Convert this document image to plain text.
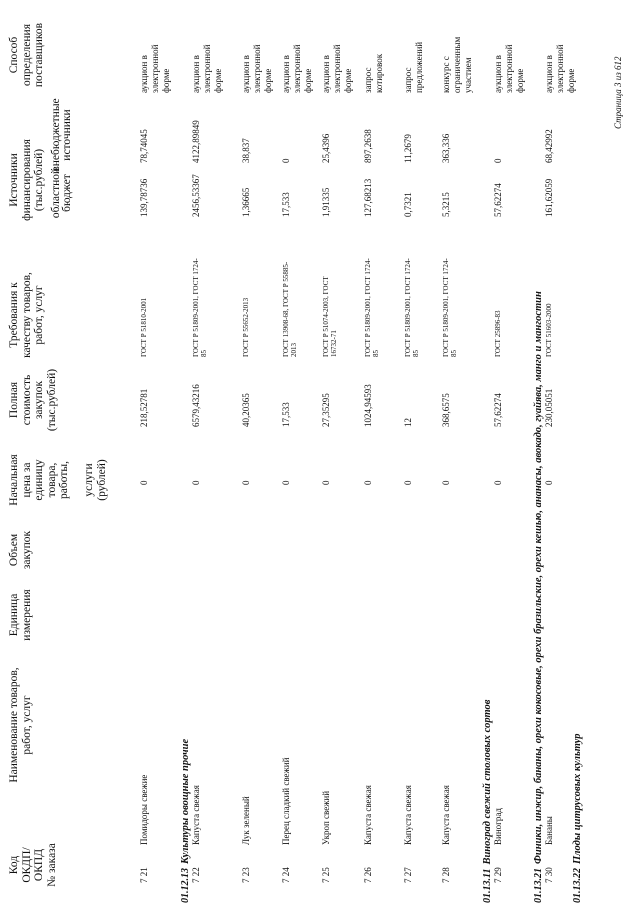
Код ОКДП/ ОКПД № заказа
Наименование товаров, работ, услуг
Единица измерения
Объем закупок
Начальная цена за единицу товара, работы, услуги (рублей)
Полная стоимость закупок (тыс.рублей)
Требования к качеству товаров, работ, услуг
Источники финансирования (тыс.рублей) областной бюджет
внебюджетные источники
Способ определения поставщиков
7 21
Помидоры свежие
0
218,52781
ГОСТ Р 51810-2001
139,78736
78,74045
аукцион в электронной форме
01.12.13Культуры овощные прочие
7 22
Капуста свежая
0
6579,43216
ГОСТ Р 51809-2001, ГОСТ 1724-85
2456,53367
4122,89849
аукцион в электронной форме
7 23
Лук зеленый
0
40,20365
ГОСТ Р 55652-2013
1,36665
38,837
аукцион в электронной форме
7 24
Перец сладкий свежий
0
17,533
ГОСТ 13908-68, ГОСТ Р 55885-2013
17,533
0
аукцион в электронной форме
7 25
Укроп свежий
0
27,35295
ГОСТ Р 51074-2003, ГОСТ 16732-71
1,91335
25,4396
аукцион в электронной форме
7 26
Капуста свежая
0
1024,94593
ГОСТ Р 51809-2001, ГОСТ 1724-85
127,68213
897,2638
запрос котировок
7 27
Капуста свежая
0
12
ГОСТ Р 51809-2001, ГОСТ 1724-85
0,7321
11,2679
запрос предложений
7 28
Капуста свежая
0
368,6575
ГОСТ Р 51809-2001, ГОСТ 1724-85
5,3215
363,336
конкурс с ограниченным участием
01.13.11Виноград свежий столовых сортов
7 29
Виноград
0
57,62274
ГОСТ 25896-83
57,62274
0
аукцион в электронной форме
01.13.21Финики, инжир, бананы, орехи кокосовые, орехи бразильские, орехи кешью, ананасы, авокадо, гуайява, манго и мангостин
7 30
Бананы
0
230,05051
ГОСТ 51603-2000
161,62059
68,42992
аукцион в электронной форме
01.13.22Плоды цитрусовых культур
Страница 3 из 612
